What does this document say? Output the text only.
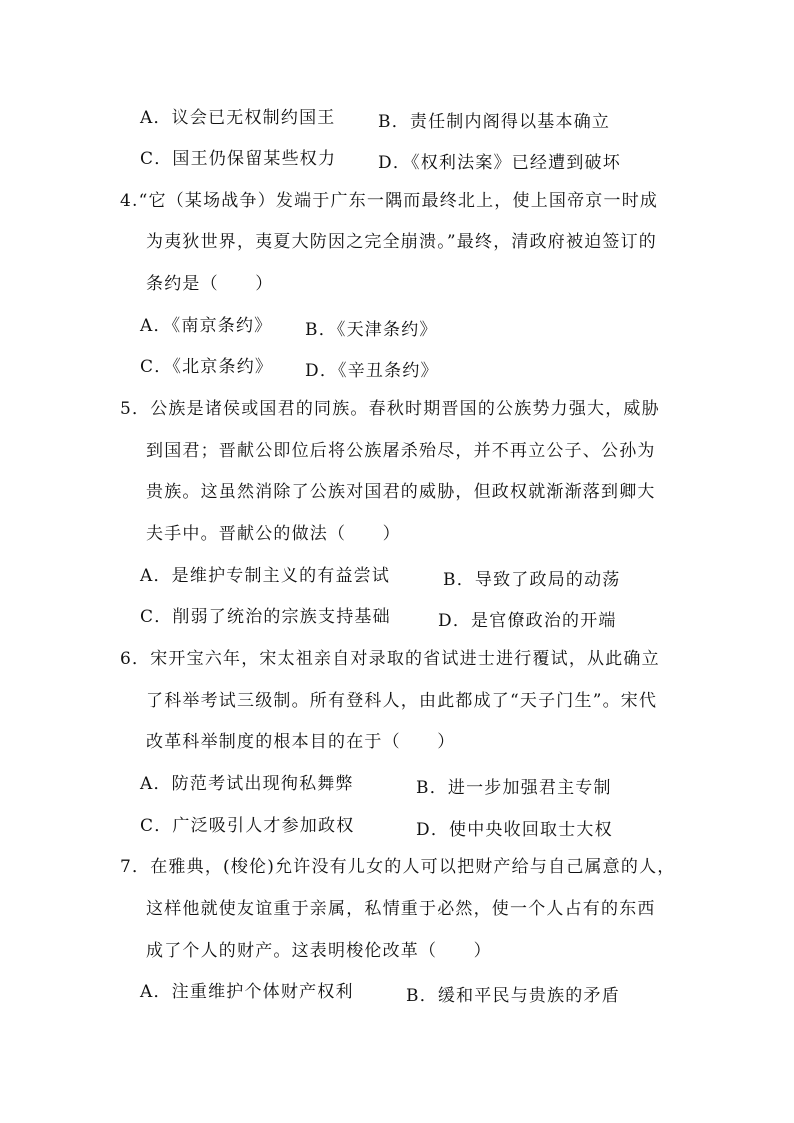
A．议会已无权制约国王	B．责任制内阁得以基本确立
C．国王仍保留某些权力 D．《权利法案》已经遭到破坏
4.“它（某场战争）发端于广东一隅而最终北上，使上国帝京一时成
为夷狄世界，夷夏大防因之完全崩溃。”最终，清政府被迫签订的
条约是（　　）
A．《南京条约》 B．《天津条约》
C．《北京条约》 D．《辛丑条约》
5．公族是诸侯或国君的同族。春秋时期晋国的公族势力强大，威胁
到国君；晋献公即位后将公族屠杀殆尽，并不再立公子、公孙为
贵族。这虽然消除了公族对国君的威胁，但政权就渐渐落到卿大
夫手中。晋献公的做法（　　）
A．是维护专制主义的有益尝试	B．导致了政局的动荡
C．削弱了统治的宗族支持基础	D．是官僚政治的开端
6．宋开宝六年，宋太祖亲自对录取的省试进士进行覆试，从此确立
了科举考试三级制。所有登科人，由此都成了“天子门生”。宋代
改革科举制度的根本目的在于（　　）
A．防范考试出现徇私舞弊	B．进一步加强君主专制
C．广泛吸引人才参加政权	D．使中央收回取士大权
7．在雅典，(梭伦)允许没有儿女的人可以把财产给与自己属意的人，
这样他就使友谊重于亲属，私情重于必然，使一个人占有的东西
成了个人的财产。这表明梭伦改革（　　）
A．注重维护个体财产权利	B．缓和平民与贵族的矛盾
